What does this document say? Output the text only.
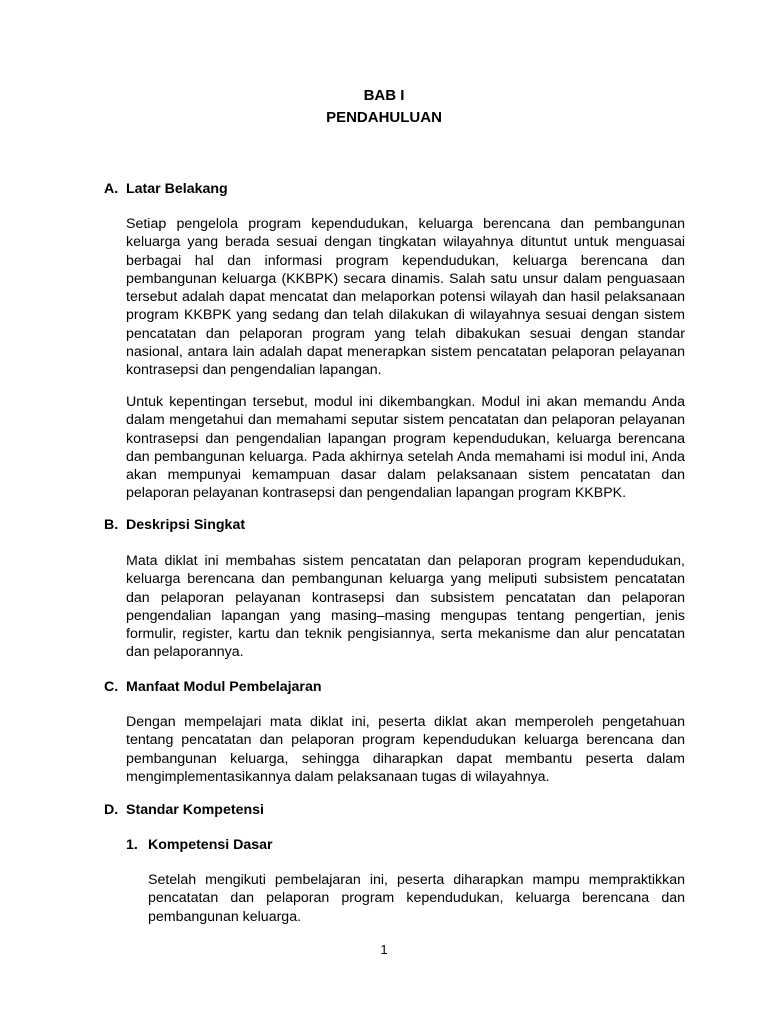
BAB I
PENDAHULUAN
A. Latar Belakang
Setiap pengelola program kependudukan, keluarga berencana dan pembangunan
keluarga yang berada sesuai dengan tingkatan wilayahnya dituntut untuk menguasai
berbagai hal dan informasi program kependudukan, keluarga berencana dan
pembangunan keluarga (KKBPK) secara dinamis. Salah satu unsur dalam penguasaan
tersebut adalah dapat mencatat dan melaporkan potensi wilayah dan hasil pelaksanaan
program KKBPK yang sedang dan telah dilakukan di wilayahnya sesuai dengan sistem
pencatatan dan pelaporan program yang telah dibakukan sesuai dengan standar
nasional, antara lain adalah dapat menerapkan sistem pencatatan pelaporan pelayanan
kontrasepsi dan pengendalian lapangan.
Untuk kepentingan tersebut, modul ini dikembangkan. Modul ini akan memandu Anda
dalam mengetahui dan memahami seputar sistem pencatatan dan pelaporan pelayanan
kontrasepsi dan pengendalian lapangan program kependudukan, keluarga berencana
dan pembangunan keluarga. Pada akhirnya setelah Anda memahami isi modul ini, Anda
akan mempunyai kemampuan dasar dalam pelaksanaan sistem pencatatan dan
pelaporan pelayanan kontrasepsi dan pengendalian lapangan program KKBPK.
B. Deskripsi Singkat
Mata diklat ini membahas sistem pencatatan dan pelaporan program kependudukan,
keluarga berencana dan pembangunan keluarga yang meliputi subsistem pencatatan
dan pelaporan pelayanan kontrasepsi dan subsistem pencatatan dan pelaporan
pengendalian lapangan yang masing–masing mengupas tentang pengertian, jenis
formulir, register, kartu dan teknik pengisiannya, serta mekanisme dan alur pencatatan
dan pelaporannya.
C. Manfaat Modul Pembelajaran
Dengan mempelajari mata diklat ini, peserta diklat akan memperoleh pengetahuan
tentang pencatatan dan pelaporan program kependudukan keluarga berencana dan
pembangunan keluarga, sehingga diharapkan dapat membantu peserta dalam
mengimplementasikannya dalam pelaksanaan tugas di wilayahnya.
D. Standar Kompetensi
1. Kompetensi Dasar
Setelah mengikuti pembelajaran ini, peserta diharapkan mampu mempraktikkan
pencatatan dan pelaporan program kependudukan, keluarga berencana dan
pembangunan keluarga.
1
